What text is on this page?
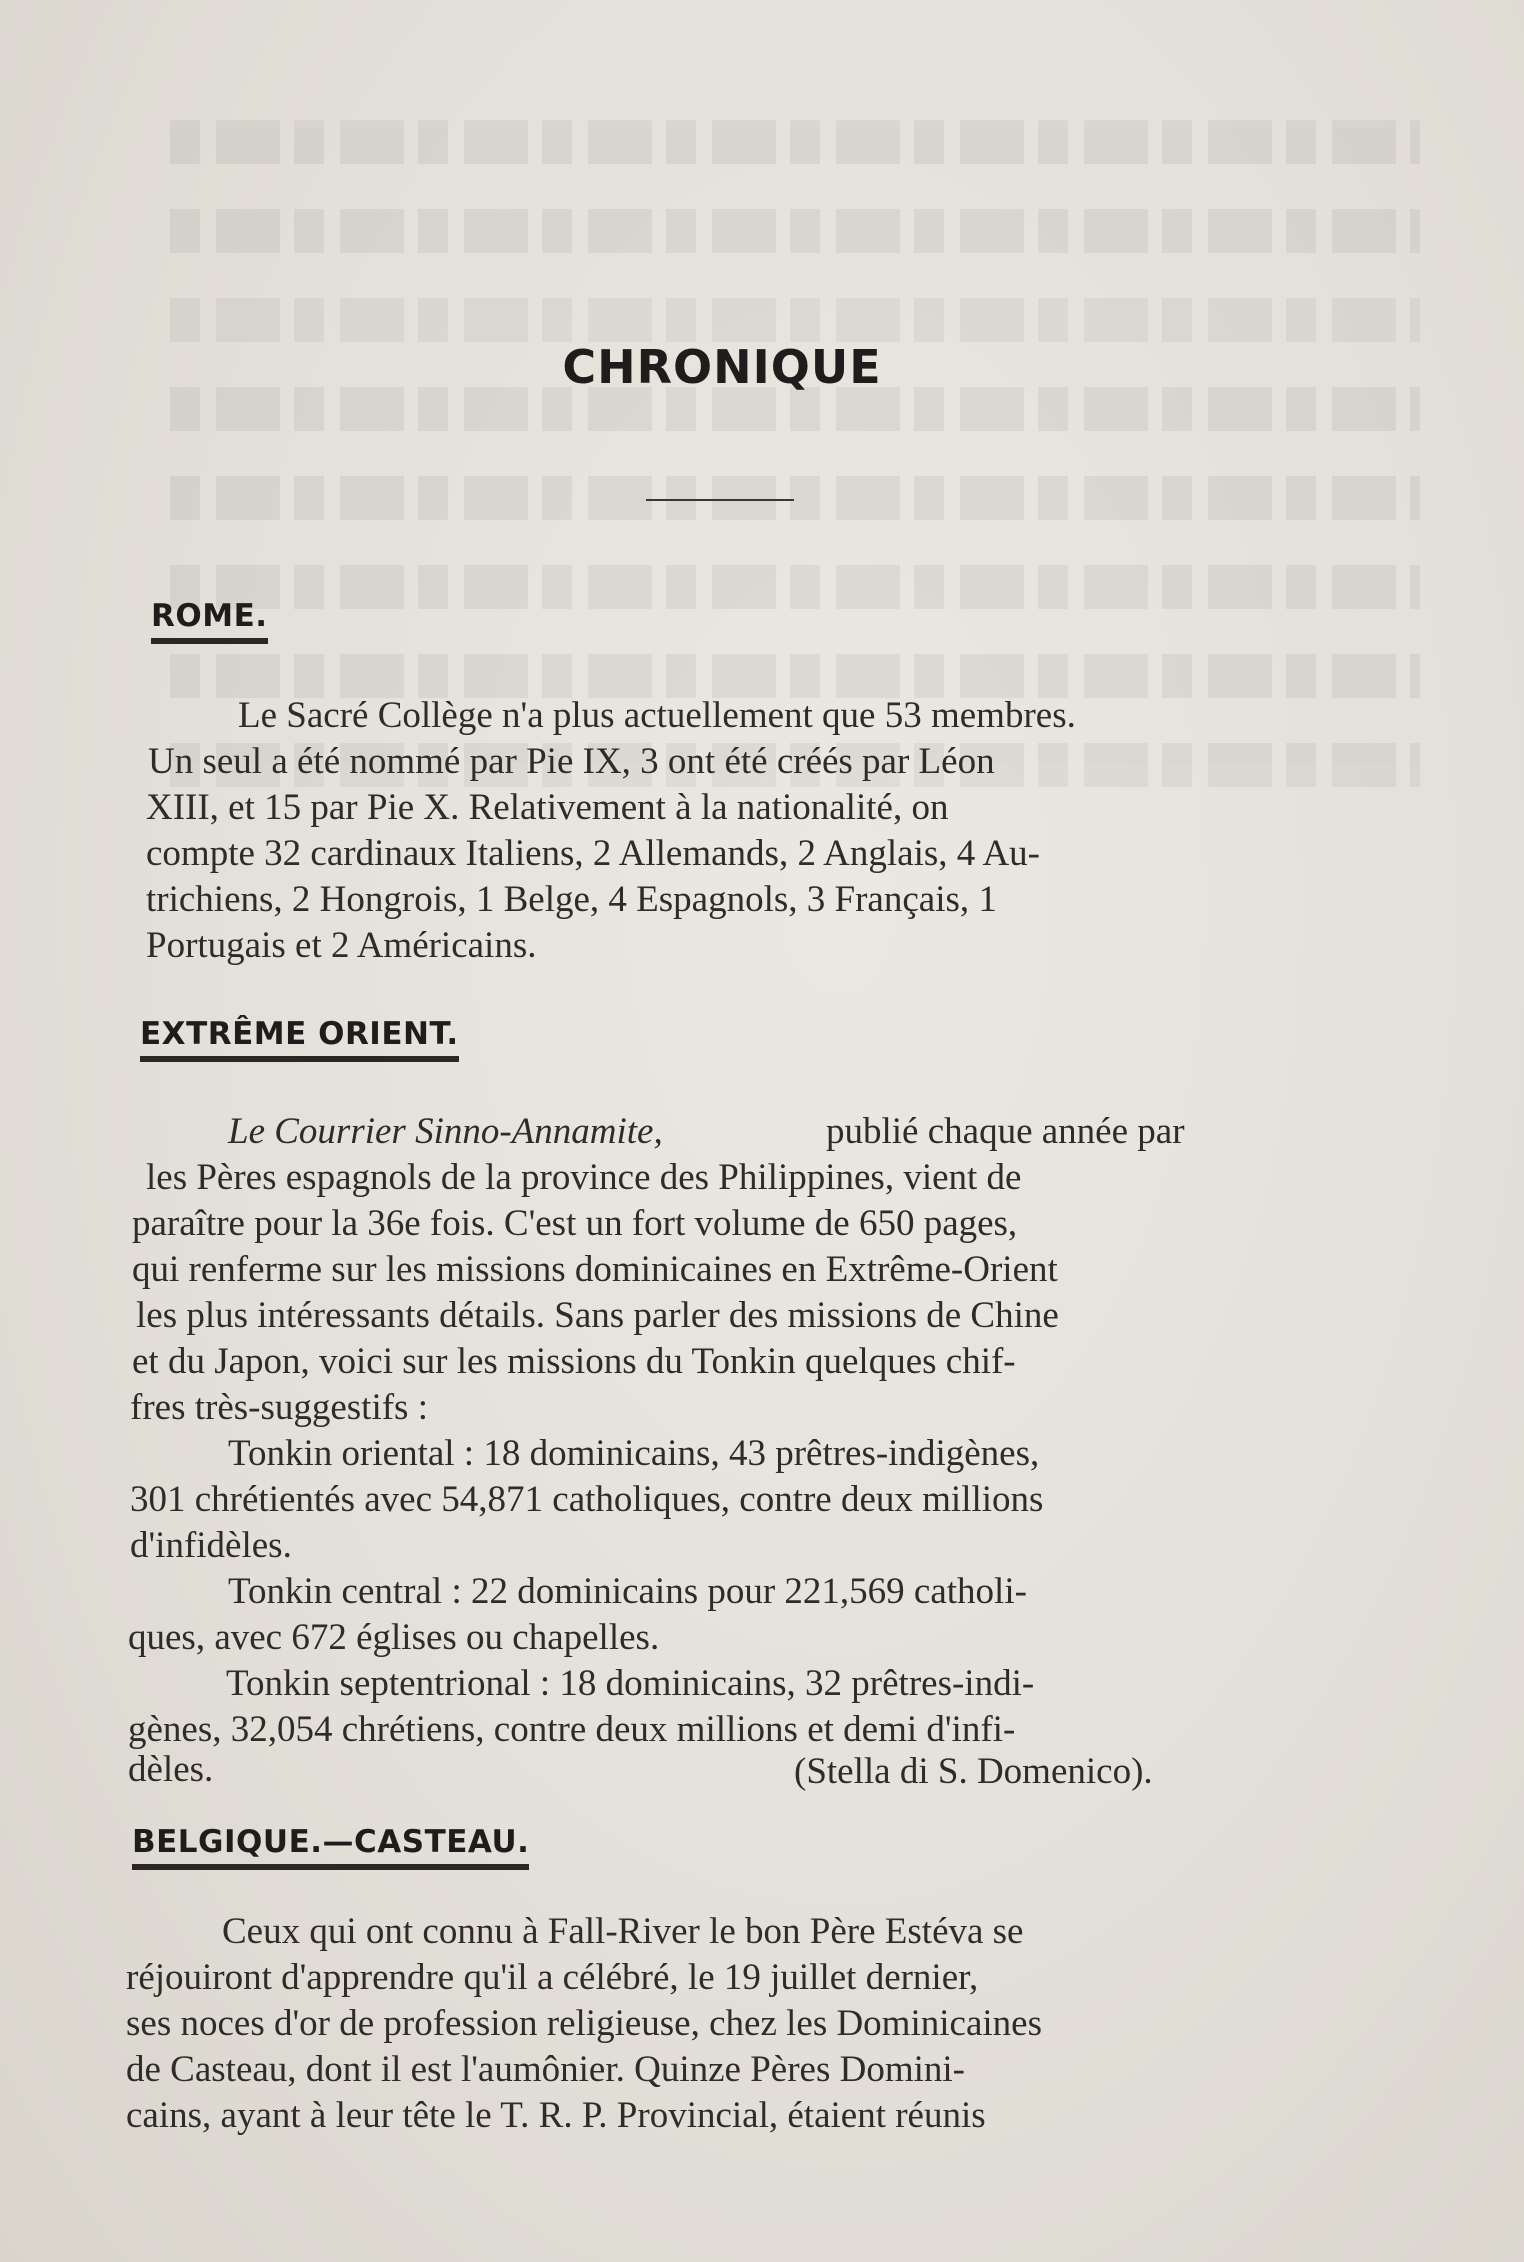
CHRONIQUE
ROME.
Le Sacré Collège n'a plus actuellement que 53 membres.
Un seul a été nommé par Pie IX, 3 ont été créés par Léon
XIII, et 15 par Pie X. Relativement à la nationalité, on
compte 32 cardinaux Italiens, 2 Allemands, 2 Anglais, 4 Au-
trichiens, 2 Hongrois, 1 Belge, 4 Espagnols, 3 Français, 1
Portugais et 2 Américains.
EXTRÊME ORIENT.
Le Courrier Sinno-Annamite,	publié chaque année par
les Pères espagnols de la province des Philippines, vient de
paraître pour la 36e fois. C'est un fort volume de 650 pages,
qui renferme sur les missions dominicaines en Extrême-Orient
les plus intéressants détails. Sans parler des missions de Chine
et du Japon, voici sur les missions du Tonkin quelques chif-
fres très-suggestifs :
Tonkin oriental : 18 dominicains, 43 prêtres-indigènes,
301 chrétientés avec 54,871 catholiques, contre deux millions
d'infidèles.
Tonkin central : 22 dominicains pour 221,569 catholi-
ques, avec 672 églises ou chapelles.
Tonkin septentrional : 18 dominicains, 32 prêtres-indi-
gènes, 32,054 chrétiens, contre deux millions et demi d'infi-
dèles.	(Stella di S. Domenico).
BELGIQUE.—CASTEAU.
Ceux qui ont connu à Fall-River le bon Père Estéva se
réjouiront d'apprendre qu'il a célébré, le 19 juillet dernier,
ses noces d'or de profession religieuse, chez les Dominicaines
de Casteau, dont il est l'aumônier. Quinze Pères Domini-
cains, ayant à leur tête le T. R. P. Provincial, étaient réunis
